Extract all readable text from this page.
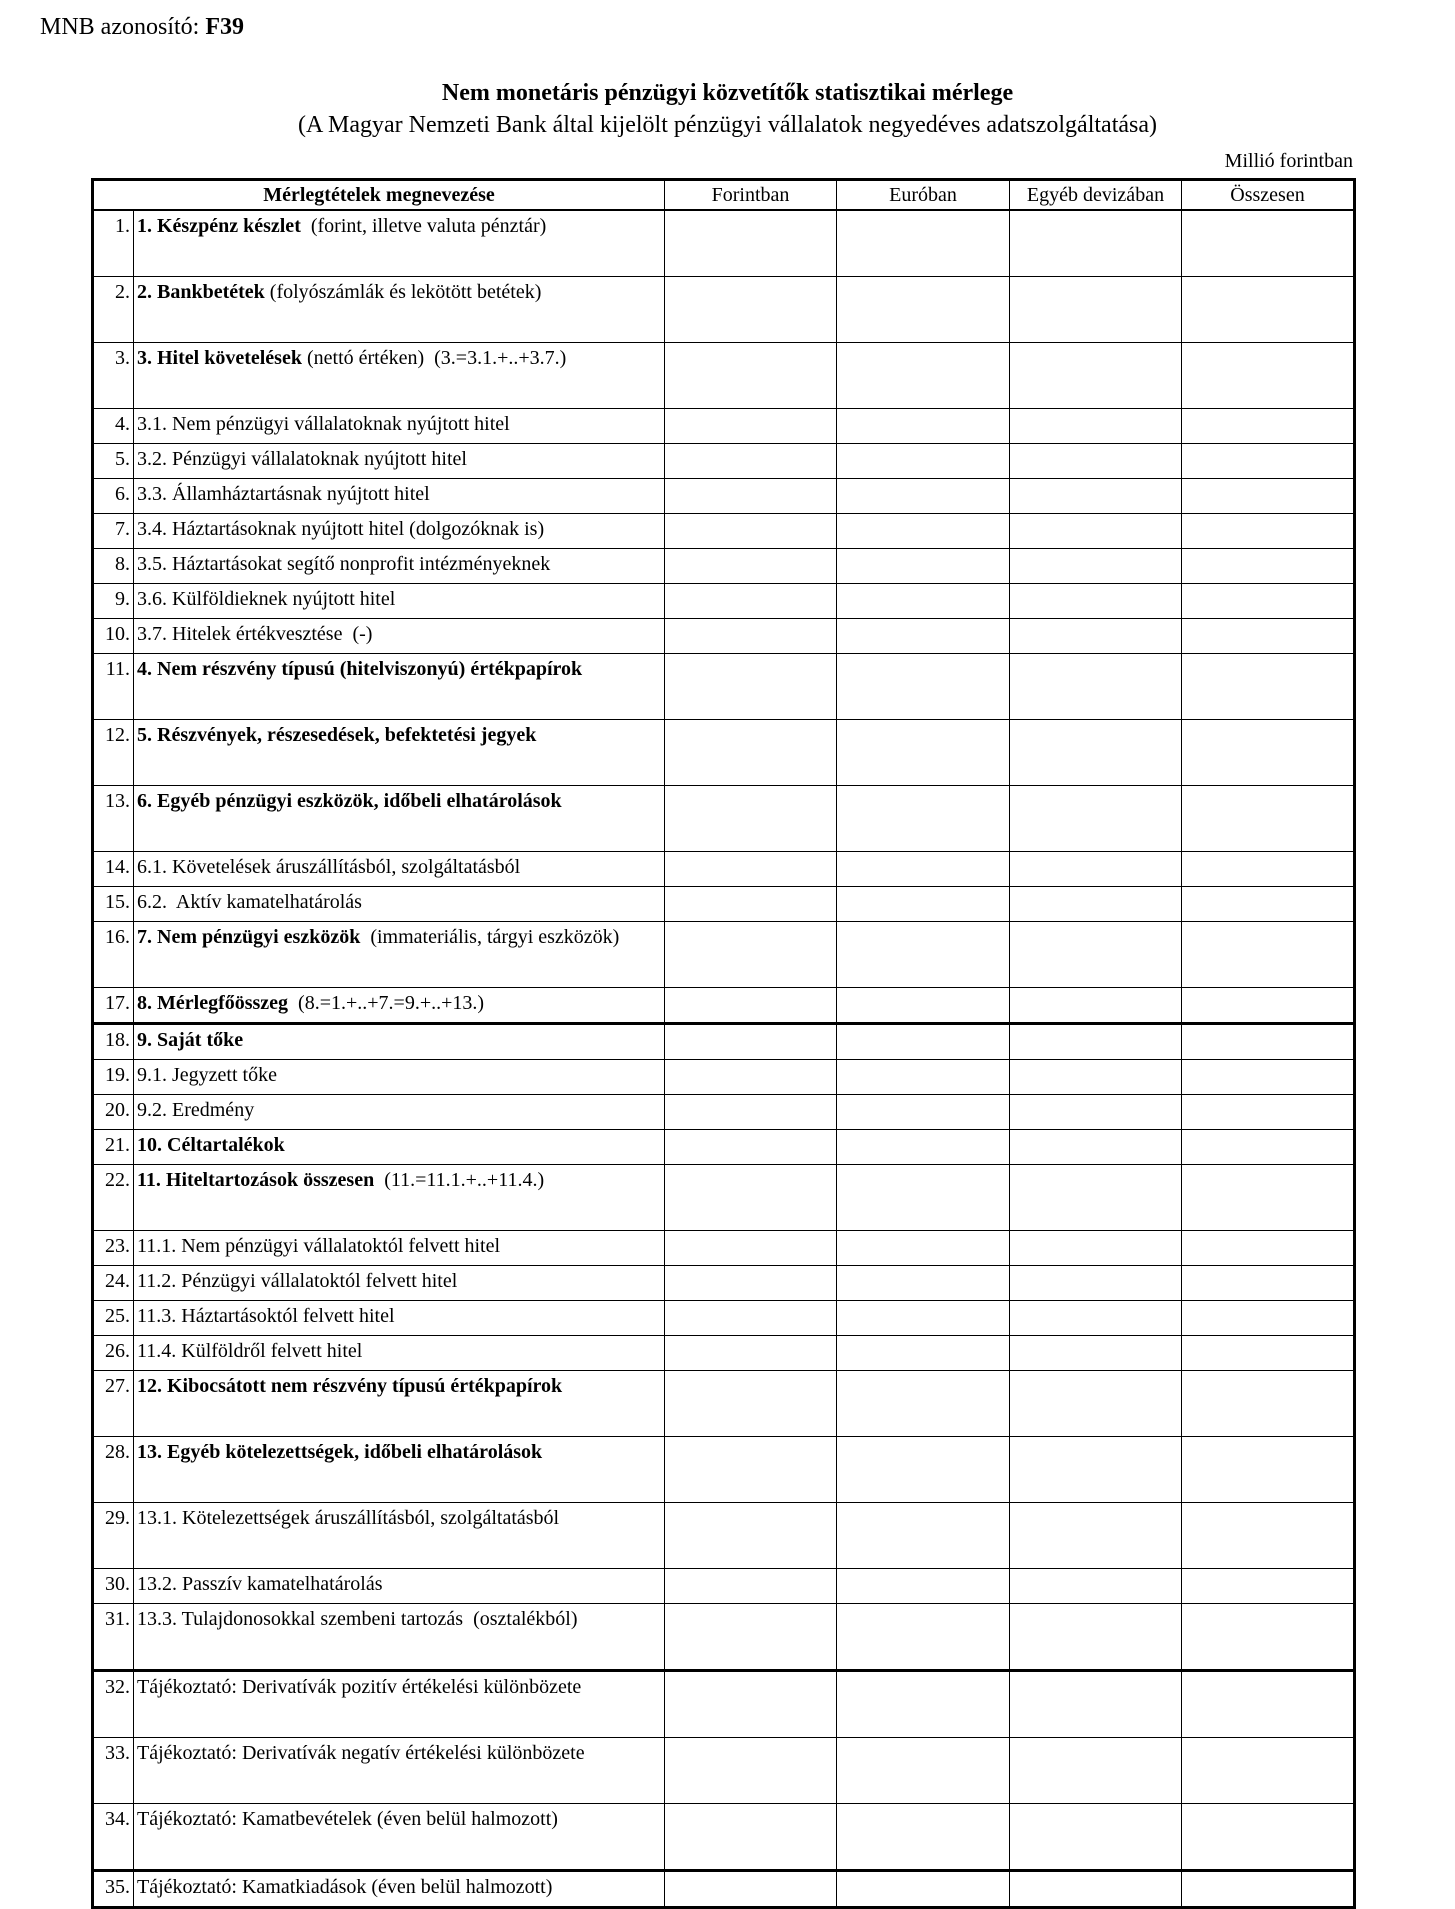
MNB azonosító: F39
Nem monetáris pénzügyi közvetítők statisztikai mérlege
(A Magyar Nemzeti Bank által kijelölt pénzügyi vállalatok negyedéves adatszolgáltatása)
Millió forintban
Mérlegtételek megnevezése		Forintban	Euróban	Egyéb devizában	Összesen
1.	1. Készpénz készlet  (forint, illetve valuta pénztár)				
2.	2. Bankbetétek (folyószámlák és lekötött betétek)				
3.	3. Hitel követelések (nettó értéken)  (3.=3.1.+..+3.7.)				
4.	3.1. Nem pénzügyi vállalatoknak nyújtott hitel				
5.	3.2. Pénzügyi vállalatoknak nyújtott hitel				
6.	3.3. Államháztartásnak nyújtott hitel				
7.	3.4. Háztartásoknak nyújtott hitel (dolgozóknak is)				
8.	3.5. Háztartásokat segítő nonprofit intézményeknek				
9.	3.6. Külföldieknek nyújtott hitel				
10.	3.7. Hitelek értékvesztése  (-)				
11.	4. Nem részvény típusú (hitelviszonyú) értékpapírok				
12.	5. Részvények, részesedések, befektetési jegyek				
13.	6. Egyéb pénzügyi eszközök, időbeli elhatárolások				
14.	6.1. Követelések áruszállításból, szolgáltatásból				
15.	6.2.  Aktív kamatelhatárolás				
16.	7. Nem pénzügyi eszközök  (immateriális, tárgyi eszközök)				
17.	8. Mérlegfőösszeg  (8.=1.+..+7.=9.+..+13.)				
18.	9. Saját tőke				
19.	9.1. Jegyzett tőke				
20.	9.2. Eredmény				
21.	10. Céltartalékok				
22.	11. Hiteltartozások összesen  (11.=11.1.+..+11.4.)				
23.	11.1. Nem pénzügyi vállalatoktól felvett hitel				
24.	11.2. Pénzügyi vállalatoktól felvett hitel				
25.	11.3. Háztartásoktól felvett hitel				
26.	11.4. Külföldről felvett hitel				
27.	12. Kibocsátott nem részvény típusú értékpapírok				
28.	13. Egyéb kötelezettségek, időbeli elhatárolások				
29.	13.1. Kötelezettségek áruszállításból, szolgáltatásból				
30.	13.2. Passzív kamatelhatárolás				
31.	13.3. Tulajdonosokkal szembeni tartozás  (osztalékból)				
32.	Tájékoztató: Derivatívák pozitív értékelési különbözete				
33.	Tájékoztató: Derivatívák negatív értékelési különbözete				
34.	Tájékoztató: Kamatbevételek (éven belül halmozott)				
35.	Tájékoztató: Kamatkiadások (éven belül halmozott)				
